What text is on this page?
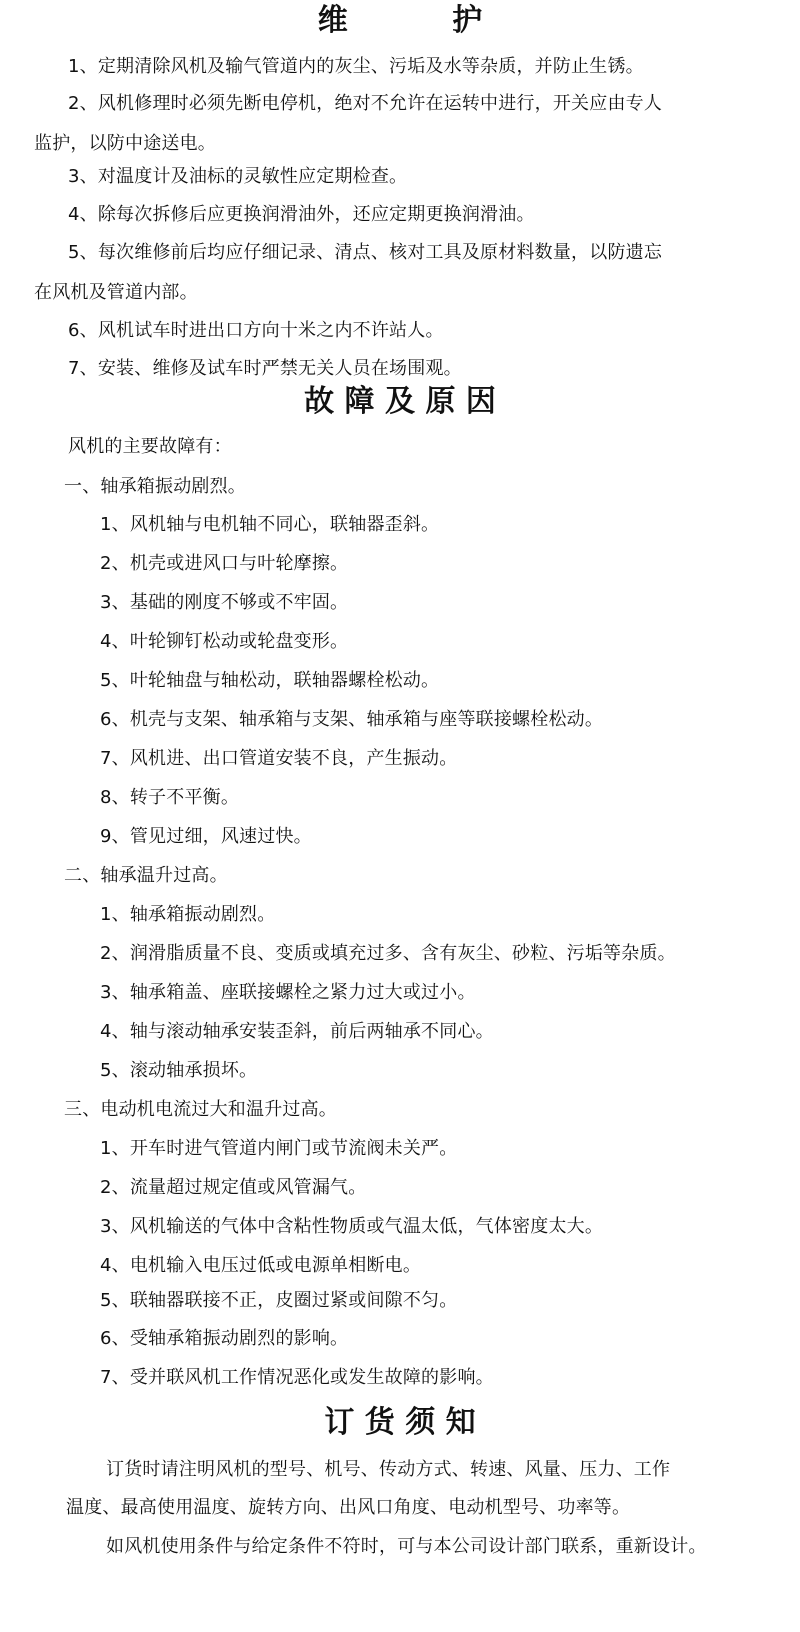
维          护

1、定期清除风机及输气管道内的灰尘、污垢及水等杂质，并防止生锈。

2、风机修理时必须先断电停机，绝对不允许在运转中进行，开关应由专人

监护，以防中途送电。

3、对温度计及油标的灵敏性应定期检查。

4、除每次拆修后应更换润滑油外，还应定期更换润滑油。

5、每次维修前后均应仔细记录、清点、核对工具及原材料数量，以防遗忘

在风机及管道内部。

6、风机试车时进出口方向十米之内不许站人。

7、安装、维修及试车时严禁无关人员在场围观。

故 障 及 原 因

风机的主要故障有：

一、轴承箱振动剧烈。

1、风机轴与电机轴不同心，联轴器歪斜。

2、机壳或进风口与叶轮摩擦。

3、基础的刚度不够或不牢固。

4、叶轮铆钉松动或轮盘变形。

5、叶轮轴盘与轴松动，联轴器螺栓松动。

6、机壳与支架、轴承箱与支架、轴承箱与座等联接螺栓松动。

7、风机进、出口管道安装不良，产生振动。

8、转子不平衡。

9、管见过细，风速过快。

二、轴承温升过高。

1、轴承箱振动剧烈。

2、润滑脂质量不良、变质或填充过多、含有灰尘、砂粒、污垢等杂质。

3、轴承箱盖、座联接螺栓之紧力过大或过小。

4、轴与滚动轴承安装歪斜，前后两轴承不同心。

5、滚动轴承损坏。

三、电动机电流过大和温升过高。

1、开车时进气管道内闸门或节流阀未关严。

2、流量超过规定值或风管漏气。

3、风机输送的气体中含粘性物质或气温太低，气体密度太大。

4、电机输入电压过低或电源单相断电。

5、联轴器联接不正，皮圈过紧或间隙不匀。

6、受轴承箱振动剧烈的影响。

7、受并联风机工作情况恶化或发生故障的影响。

订 货 须 知

订货时请注明风机的型号、机号、传动方式、转速、风量、压力、工作

温度、最高使用温度、旋转方向、出风口角度、电动机型号、功率等。

如风机使用条件与给定条件不符时，可与本公司设计部门联系，重新设计。
